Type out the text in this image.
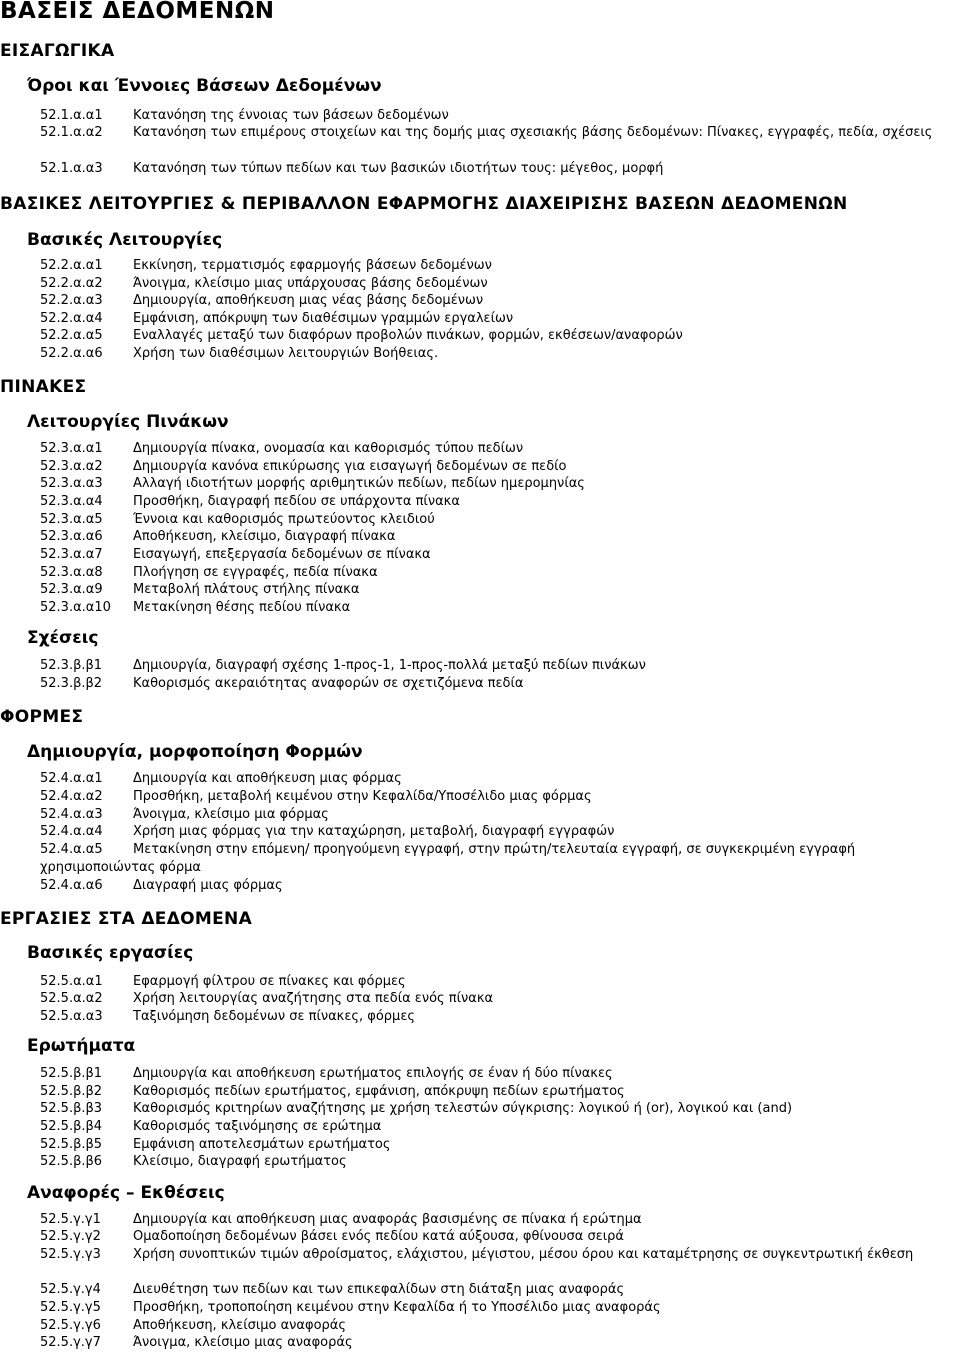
ΒΑΣΕΙΣ ΔΕΔΟΜΕΝΩΝ
ΕΙΣΑΓΩΓΙΚΑ
Όροι και Έννοιες Βάσεων Δεδομένων
52.1.α.α1 Κατανόηση της έννοιας των βάσεων δεδομένων
52.1.α.α2	Κατανόηση των επιμέρους στοιχείων και της δομής μιας σχεσιακής βάσης δεδομένων: Πίνακες, εγγραφές, πεδία, σχέσεις
52.1.α.α3 Κατανόηση των τύπων πεδίων και των βασικών ιδιοτήτων τους: μέγεθος, μορφή
ΒΑΣΙΚΕΣ ΛΕΙΤΟΥΡΓΙΕΣ & ΠΕΡΙΒΑΛΛΟΝ ΕΦΑΡΜΟΓΗΣ ΔΙΑΧΕΙΡΙΣΗΣ ΒΑΣΕΩΝ ΔΕΔΟΜΕΝΩΝ
Βασικές Λειτουργίες
52.2.α.α1 Εκκίνηση, τερματισμός εφαρμογής βάσεων δεδομένων
52.2.α.α2 Άνοιγμα, κλείσιμο μιας υπάρχουσας βάσης δεδομένων
52.2.α.α3 Δημιουργία, αποθήκευση μιας νέας βάσης δεδομένων
52.2.α.α4 Εμφάνιση, απόκρυψη των διαθέσιμων γραμμών εργαλείων
52.2.α.α5 Εναλλαγές μεταξύ των διαφόρων προβολών πινάκων, φορμών, εκθέσεων/αναφορών
52.2.α.α6 Χρήση των διαθέσιμων λειτουργιών Βοήθειας.
ΠΙΝΑΚΕΣ
Λειτουργίες Πινάκων
52.3.α.α1 Δημιουργία πίνακα, ονομασία και καθορισμός τύπου πεδίων
52.3.α.α2 Δημιουργία κανόνα επικύρωσης για εισαγωγή δεδομένων σε πεδίο
52.3.α.α3 Αλλαγή ιδιοτήτων μορφής αριθμητικών πεδίων, πεδίων ημερομηνίας
52.3.α.α4 Προσθήκη, διαγραφή πεδίου σε υπάρχοντα πίνακα
52.3.α.α5 Έννοια και καθορισμός πρωτεύοντος κλειδιού
52.3.α.α6 Αποθήκευση, κλείσιμο, διαγραφή πίνακα
52.3.α.α7 Εισαγωγή, επεξεργασία δεδομένων σε πίνακα
52.3.α.α8 Πλοήγηση σε εγγραφές, πεδία πίνακα
52.3.α.α9 Μεταβολή πλάτους στήλης πίνακα
52.3.α.α10 Μετακίνηση θέσης πεδίου πίνακα
Σχέσεις
52.3.β.β1 Δημιουργία, διαγραφή σχέσης 1-προς-1, 1-προς-πολλά μεταξύ πεδίων πινάκων
52.3.β.β2 Καθορισμός ακεραιότητας αναφορών σε σχετιζόμενα πεδία
ΦΟΡΜΕΣ
Δημιουργία, μορφοποίηση Φορμών
52.4.α.α1 Δημιουργία και αποθήκευση μιας φόρμας
52.4.α.α2 Προσθήκη, μεταβολή κειμένου στην Κεφαλίδα/Υποσέλιδο μιας φόρμας
52.4.α.α3 Άνοιγμα, κλείσιμο μια φόρμας
52.4.α.α4 Χρήση μιας φόρμας για την καταχώρηση, μεταβολή, διαγραφή εγγραφών
52.4.α.α5	Μετακίνηση στην επόμενη/ προηγούμενη εγγραφή, στην πρώτη/τελευταία εγγραφή, σε συγκεκριμένη εγγραφή χρησιμοποιώντας φόρμα
52.4.α.α6 Διαγραφή μιας φόρμας
ΕΡΓΑΣΙΕΣ ΣΤΑ ΔΕΔΟΜΕΝΑ
Βασικές εργασίες
52.5.α.α1 Εφαρμογή φίλτρου σε πίνακες και φόρμες
52.5.α.α2 Χρήση λειτουργίας αναζήτησης στα πεδία ενός πίνακα
52.5.α.α3 Ταξινόμηση δεδομένων σε πίνακες, φόρμες
Ερωτήματα
52.5.β.β1 Δημιουργία και αποθήκευση ερωτήματος επιλογής σε έναν ή δύο πίνακες
52.5.β.β2 Καθορισμός πεδίων ερωτήματος, εμφάνιση, απόκρυψη πεδίων ερωτήματος
52.5.β.β3 Καθορισμός κριτηρίων αναζήτησης με χρήση τελεστών σύγκρισης: λογικού ή (or), λογικού και (and)
52.5.β.β4 Καθορισμός ταξινόμησης σε ερώτημα
52.5.β.β5 Εμφάνιση αποτελεσμάτων ερωτήματος
52.5.β.β6 Κλείσιμο, διαγραφή ερωτήματος
Αναφορές – Εκθέσεις
52.5.γ.γ1 Δημιουργία και αποθήκευση μιας αναφοράς βασισμένης σε πίνακα ή ερώτημα
52.5.γ.γ2 Ομαδοποίηση δεδομένων βάσει ενός πεδίου κατά αύξουσα, φθίνουσα σειρά
52.5.γ.γ3	Χρήση συνοπτικών τιμών αθροίσματος, ελάχιστου, μέγιστου, μέσου όρου και καταμέτρησης σε συγκεντρωτική έκθεση
52.5.γ.γ4 Διευθέτηση των πεδίων και των επικεφαλίδων στη διάταξη μιας αναφοράς
52.5.γ.γ5 Προσθήκη, τροποποίηση κειμένου στην Κεφαλίδα ή το Υποσέλιδο μιας αναφοράς
52.5.γ.γ6 Αποθήκευση, κλείσιμο αναφοράς
52.5.γ.γ7 Άνοιγμα, κλείσιμο μιας αναφοράς
